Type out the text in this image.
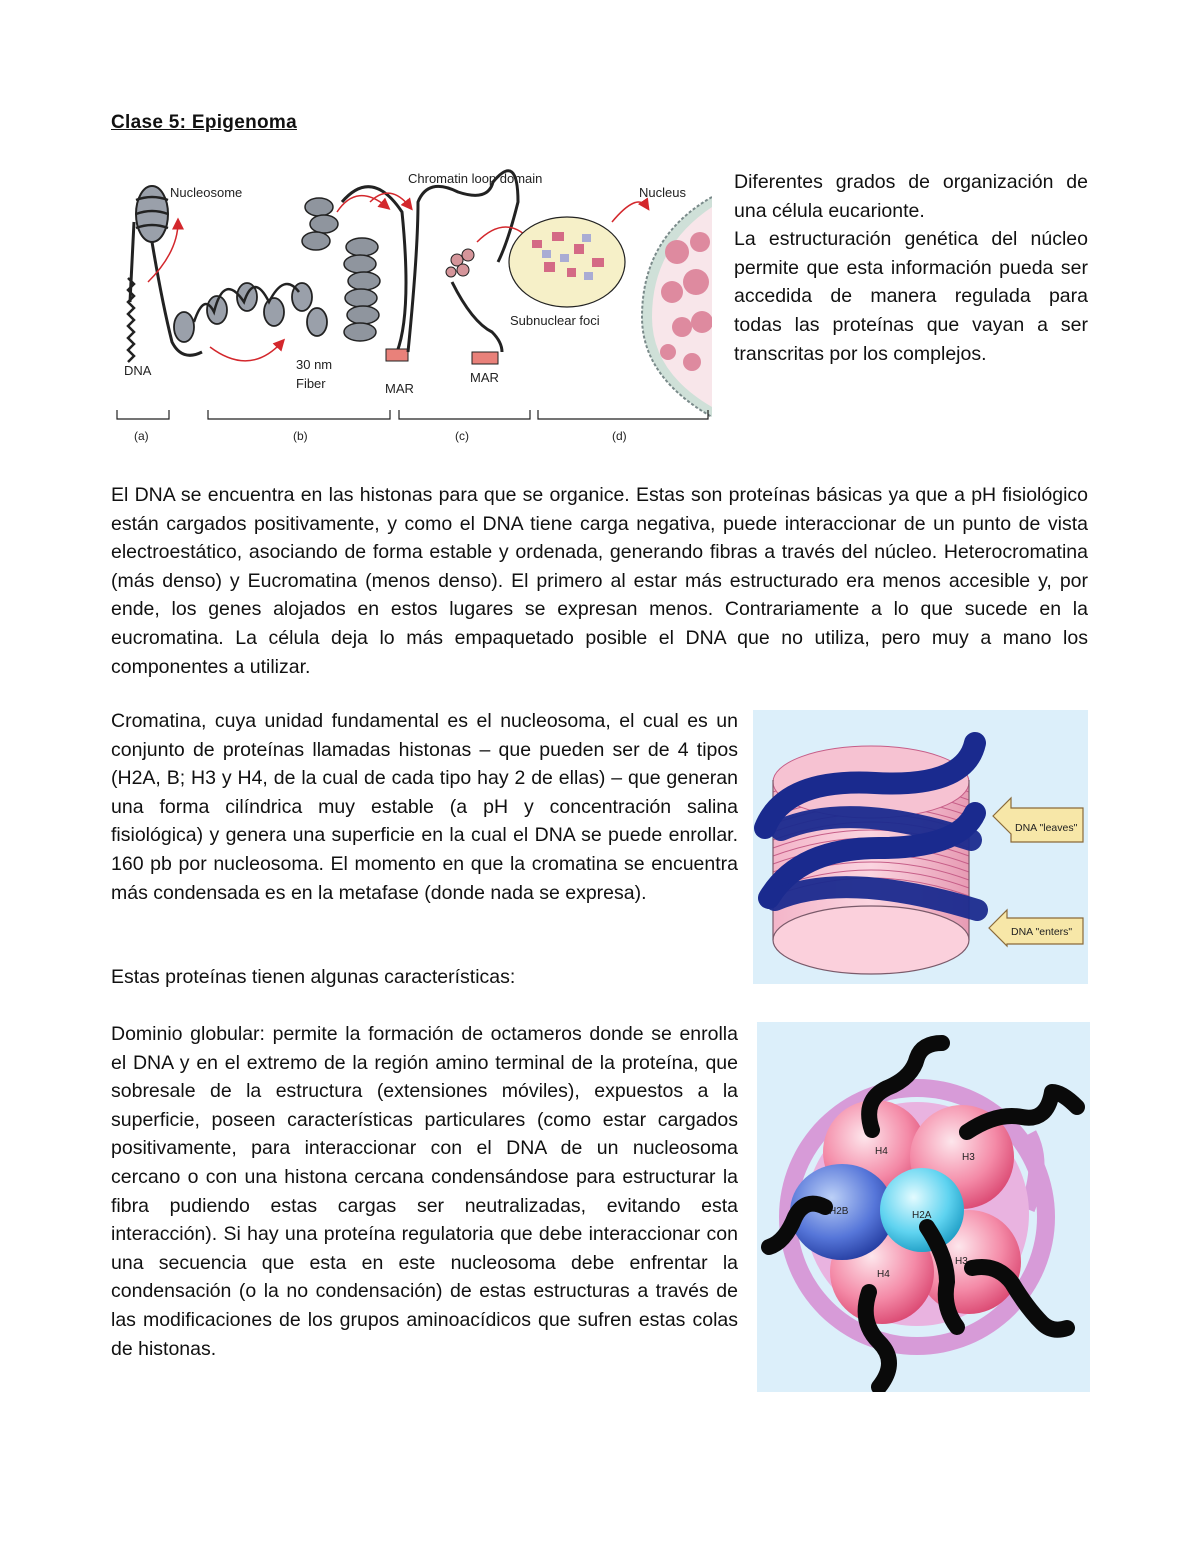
Clase 5: Epigenoma
Nucleosome
DNA	30 nm
Fiber	MAR
MAR
Chromatin loop domain
Subnuclear foci
Nucleus
(a)	(b)	(c)	(d)

Diferentes grados de organización de una célula eucarionte.

La estructuración genética del núcleo permite que esta información pueda ser accedida de manera regulada para todas las proteínas que vayan a ser transcritas por los complejos.

El DNA se encuentra en las histonas para que se organice. Estas son proteínas básicas ya que a pH fisiológico están cargados positivamente, y como el DNA tiene carga negativa, puede interaccionar de un punto de vista electroestático, asociando de forma estable y ordenada, generando fibras a través del núcleo. Heterocromatina (más denso) y Eucromatina (menos denso). El primero al estar más estructurado era menos accesible y, por ende, los genes alojados en estos lugares se expresan menos. Contrariamente a lo que sucede en la eucromatina. La célula deja lo más empaquetado posible el DNA que no utiliza, pero muy a mano los componentes a utilizar.

Cromatina, cuya unidad fundamental es el nucleosoma, el cual es un conjunto de proteínas llamadas histonas – que pueden ser de 4 tipos (H2A, B; H3 y H4, de la cual de cada tipo hay 2 de ellas) – que generan una forma cilíndrica muy estable (a pH y concentración salina fisiológica) y genera una superficie en la cual el DNA se puede enrollar. 160 pb por nucleosoma. El momento en que la cromatina se encuentra más condensada es en la metafase (donde nada se expresa).

Estas proteínas tienen algunas características:

Dominio globular: permite la formación de octameros donde se enrolla el DNA y en el extremo de la región amino terminal de la proteína, que sobresale de la estructura (extensiones móviles), expuestos a la superficie, poseen características particulares (como estar cargados positivamente, para interaccionar con el DNA de un nucleosoma cercano o con una histona cercana condensándose para estructurar la fibra pudiendo estas cargas ser neutralizadas, evitando esta interacción). Si hay una proteína regulatoria que debe interaccionar con una secuencia que esta en este nucleosoma debe enfrentar la condensación (o la no condensación) de estas estructuras a través de las modificaciones de los grupos aminoacídicos que sufren estas colas de histonas.

DNA "leaves"
DNA "enters"
H4
H3
H2B	H2A
H4
H3
